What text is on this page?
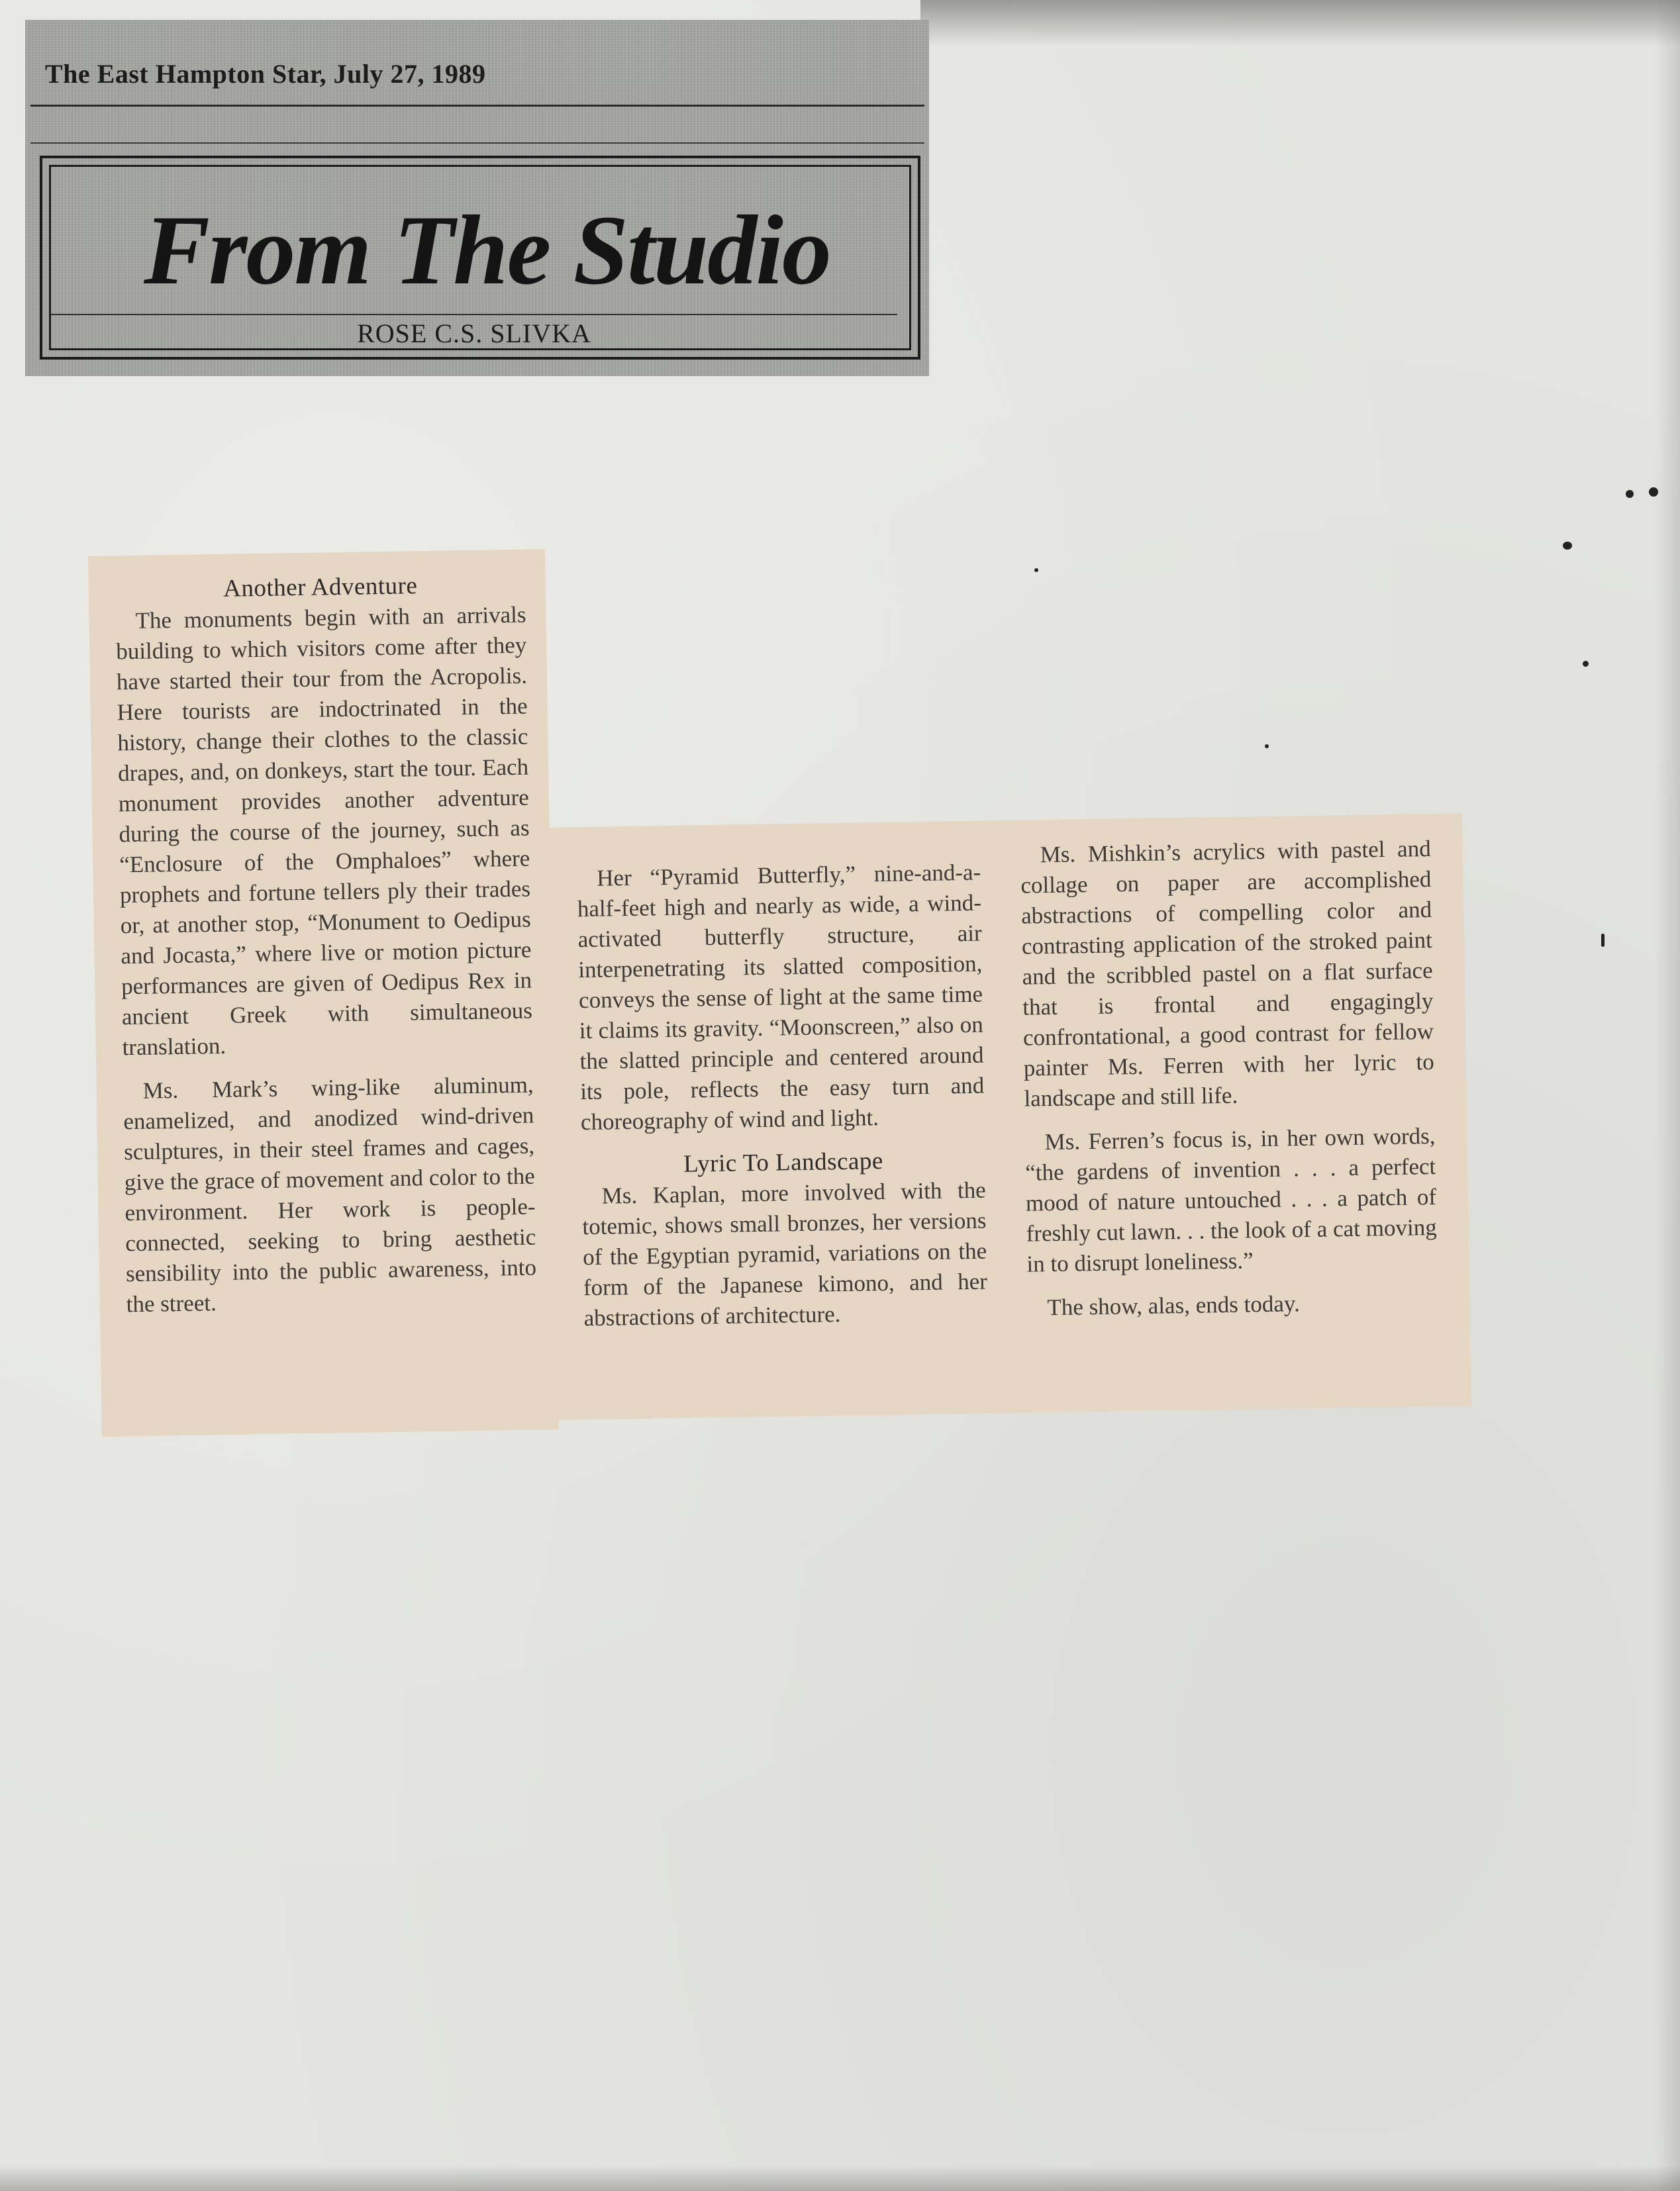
The East Hampton Star, July 27, 1989
From The Studio
ROSE C.S. SLIVKA
Another Adventure

The monuments begin with an arrivals building to which visitors come after they have started their tour from the Acropolis. Here tourists are indoctrinated in the history, change their clothes to the classic drapes, and, on donkeys, start the tour. Each monument provides another adventure during the course of the journey, such as “Enclosure of the Omphaloes” where prophets and fortune tellers ply their trades or, at another stop, “Monument to Oedipus and Jocasta,” where live or motion picture performances are given of Oedipus Rex in ancient Greek with simultaneous translation.

Ms. Mark’s wing-like aluminum, enamelized, and anodized wind-driven sculptures, in their steel frames and cages, give the grace of movement and color to the environment. Her work is people-connected, seeking to bring aesthetic sensibility into the public awareness, into the street.

Her “Pyramid Butterfly,” nine-and-a-half-feet high and nearly as wide, a wind-activated butterfly structure, air interpenetrating its slatted composition, conveys the sense of light at the same time it claims its gravity. “Moonscreen,” also on the slatted principle and centered around its pole, reflects the easy turn and choreography of wind and light.

Lyric To Landscape

Ms. Kaplan, more involved with the totemic, shows small bronzes, her versions of the Egyptian pyramid, variations on the form of the Japanese kimono, and her abstractions of architecture.

Ms. Mishkin’s acrylics with pastel and collage on paper are accomplished abstractions of compelling color and contrasting application of the stroked paint and the scribbled pastel on a flat surface that is frontal and engagingly confrontational, a good contrast for fellow painter Ms. Ferren with her lyric to landscape and still life.

Ms. Ferren’s focus is, in her own words, “the gardens of invention . . . a perfect mood of nature untouched . . . a patch of freshly cut lawn. . . the look of a cat moving in to disrupt loneliness.”

The show, alas, ends today.
